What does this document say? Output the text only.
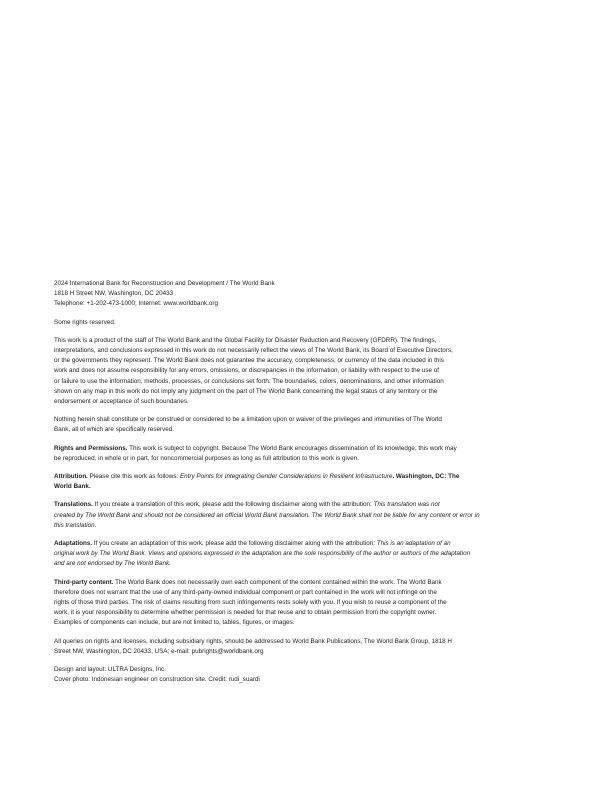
2024 International Bank for Reconstruction and Development / The World Bank
1818 H Street NW, Washington, DC 20433
Telephone: +1-202-473-1000; Internet: www.worldbank.org
Some rights reserved.
This work is a product of the staff of The World Bank and the Global Facility for Disaster Reduction and Recovery (GFDRR). The findings,
interpretations, and conclusions expressed in this work do not necessarily reflect the views of The World Bank, its Board of Executive Directors,
or the governments they represent. The World Bank does not guarantee the accuracy, completeness, or currency of the data included in this
work and does not assume responsibility for any errors, omissions, or discrepancies in the information, or liability with respect to the use of
or failure to use the information, methods, processes, or conclusions set forth. The boundaries, colors, denominations, and other information
shown on any map in this work do not imply any judgment on the part of The World Bank concerning the legal status of any territory or the
endorsement or acceptance of such boundaries.
Nothing herein shall constitute or be construed or considered to be a limitation upon or waiver of the privileges and immunities of The World
Bank, all of which are specifically reserved.
Rights and Permissions. This work is subject to copyright. Because The World Bank encourages dissemination of its knowledge, this work may
be reproduced, in whole or in part, for noncommercial purposes as long as full attribution to this work is given.
Attribution. Please cite this work as follows: Entry Points for Integrating Gender Considerations in Resilient Infrastructure. Washington, DC: The
World Bank.
Translations. If you create a translation of this work, please add the following disclaimer along with the attribution: This translation was not
created by The World Bank and should not be considered an official World Bank translation. The World Bank shall not be liable for any content or error in
this translation.
Adaptations. If you create an adaptation of this work, please add the following disclaimer along with the attribution: This is an adaptation of an
original work by The World Bank. Views and opinions expressed in the adaptation are the sole responsibility of the author or authors of the adaptation
and are not endorsed by The World Bank.
Third-party content. The World Bank does not necessarily own each component of the content contained within the work. The World Bank
therefore does not warrant that the use of any third-party-owned individual component or part contained in the work will not infringe on the
rights of those third parties. The risk of claims resulting from such infringements rests solely with you. If you wish to reuse a component of the
work, it is your responsibility to determine whether permission is needed for that reuse and to obtain permission from the copyright owner.
Examples of components can include, but are not limited to, tables, figures, or images.
All queries on rights and licenses, including subsidiary rights, should be addressed to World Bank Publications, The World Bank Group, 1818 H
Street NW, Washington, DC 20433, USA; e-mail: pubrights@worldbank.org
Design and layout: ULTRA Designs, Inc.
Cover photo: Indonesian engineer on construction site. Credit: rudi_suardi
